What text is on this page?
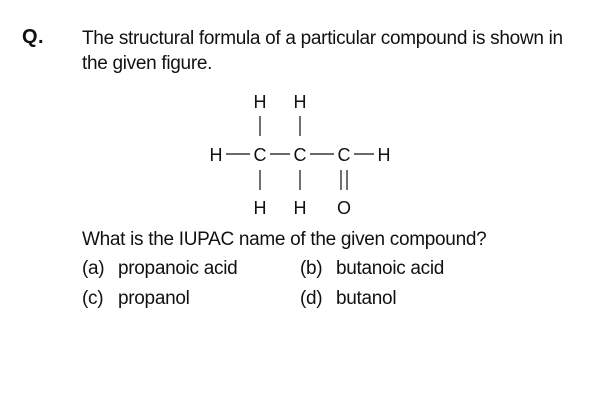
Q. The structural formula of a particular compound is shown in the given figure.
H H
H C C C H
H H O
What is the IUPAC name of the given compound?
(a) propanoic acid	(b) butanoic acid
(c) propanol	(d) butanol
